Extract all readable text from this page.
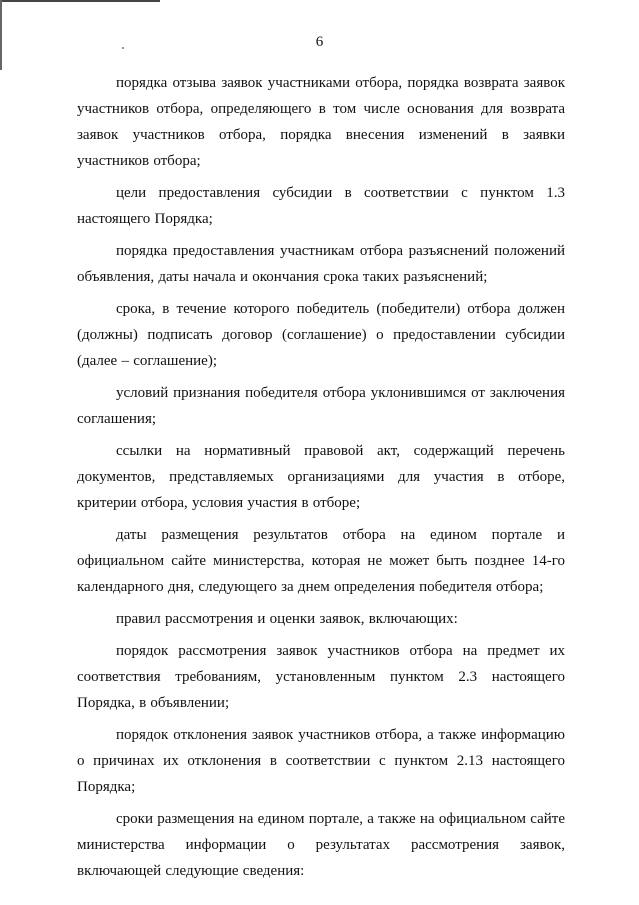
6

порядка отзыва заявок участниками отбора, порядка возврата заявок участников отбора, определяющего в том числе основания для возврата заявок участников отбора, порядка внесения изменений в заявки участников отбора;

цели предоставления субсидии в соответствии с пунктом 1.3 настоящего Порядка;

порядка предоставления участникам отбора разъяснений положений объявления, даты начала и окончания срока таких разъяснений;

срока, в течение которого победитель (победители) отбора должен (должны) подписать договор (соглашение) о предоставлении субсидии (далее – соглашение);

условий признания победителя отбора уклонившимся от заключения соглашения;

ссылки на нормативный правовой акт, содержащий перечень документов, представляемых организациями для участия в отборе, критерии отбора, условия участия в отборе;

даты размещения результатов отбора на едином портале и официальном сайте министерства, которая не может быть позднее 14-го календарного дня, следующего за днем определения победителя отбора;

правил рассмотрения и оценки заявок, включающих:

порядок рассмотрения заявок участников отбора на предмет их соответствия требованиям, установленным пунктом 2.3 настоящего Порядка, в объявлении;

порядок отклонения заявок участников отбора, а также информацию о причинах их отклонения в соответствии с пунктом 2.13 настоящего Порядка;

сроки размещения на едином портале, а также на официальном сайте министерства информации о результатах рассмотрения заявок, включающей следующие сведения:
